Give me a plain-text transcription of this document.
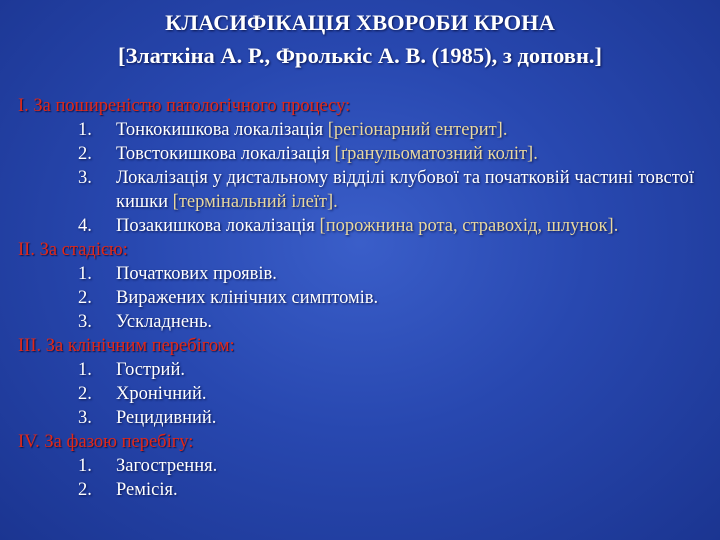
КЛАСИФІКАЦІЯ ХВОРОБИ КРОНА
[Златкіна А. Р., Фролькіс А. В. (1985), з доповн.]
I. За поширеністю патологічного процесу:
1. Тонкокишкова локалізація [регіонарний ентерит].
2. Товстокишкова локалізація [ґранульоматозний коліт].
3. Локалізація у дистальному відділі клубової та початковій частині товстої кишки [термінальний ілеїт].
4. Позакишкова локалізація [порожнина рота, стравохід, шлунок].
II. За стадією:
1. Початкових проявів.
2. Виражених клінічних симптомів.
3. Ускладнень.
III. За клінічним перебігом:
1. Гострий.
2. Хронічний.
3. Рецидивний.
IV. За фазою перебігу:
1. Загострення.
2. Ремісія.
